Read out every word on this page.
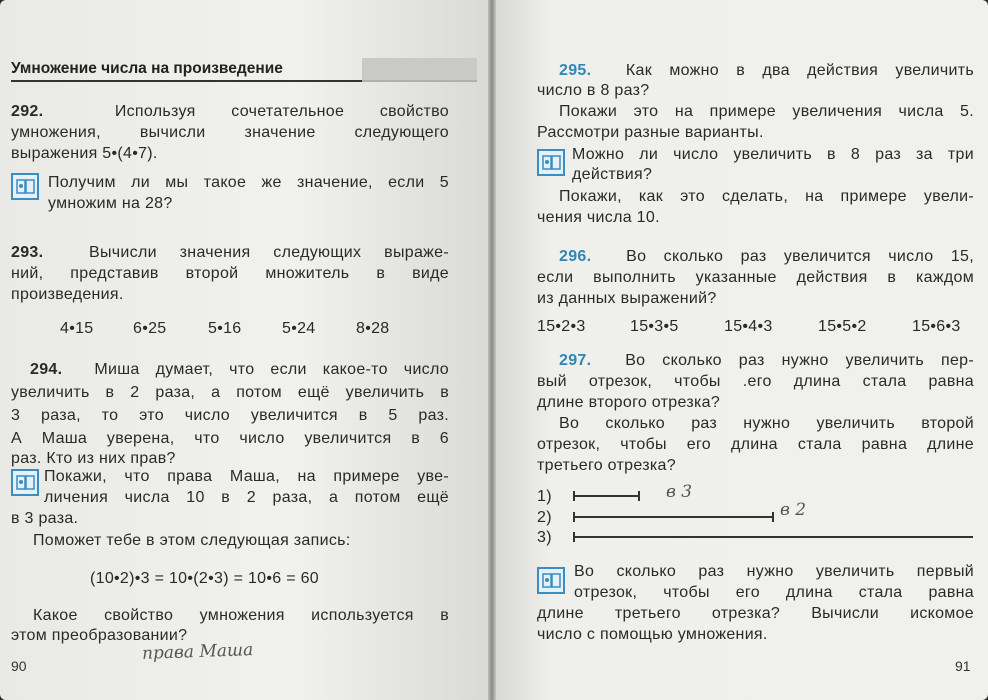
Умножение числа на произведение
292.	Используя сочетательное свойство
умножения, вычисли значение следующего
выражения 5•(4•7).
Получим ли мы такое же значение, если 5
умножим на 28?
293.	Вычисли значения следующих выраже-
ний, представив второй множитель в виде
произведения.
4•15 6•25	5•16	5•24	8•28
294. Миша думает, что если какое-то число
увеличить в 2 раза, а потом ещё увеличить в
3 раза, то это число увеличится в 5 раз.
А Маша уверена, что число увеличится в 6
раз. Кто из них прав?
Покажи, что права Маша, на примере уве-
личения числа 10 в 2 раза, а потом ещё
в 3 раза.
Поможет тебе в этом следующая запись:
(10•2)•3 = 10•(2•3) = 10•6 = 60
Какое свойство умножения используется в
этом преобразовании?
права Маша
90
295. Как можно в два действия увеличить
число в 8 раз?
Покажи это на примере увеличения числа 5.
Рассмотри разные варианты.
Можно ли число увеличить в 8 раз за три
действия?
Покажи, как это сделать, на примере увели-
чения числа 10.
296. Во сколько раз увеличится число 15,
если выполнить указанные действия в каждом
из данных выражений?
15•2•3	15•3•5	15•4•3	15•5•2	15•6•3
297. Во сколько раз нужно увеличить пер-
вый отрезок, чтобы .его длина стала равна
длине второго отрезка?
Во сколько раз нужно увеличить второй
отрезок, чтобы его длина стала равна длине
третьего отрезка?
1)	в 3
2)	в 2
3)
Во сколько раз нужно увеличить первый
отрезок, чтобы его длина стала равна
длине третьего отрезка? Вычисли искомое
число с помощью умножения.
91
